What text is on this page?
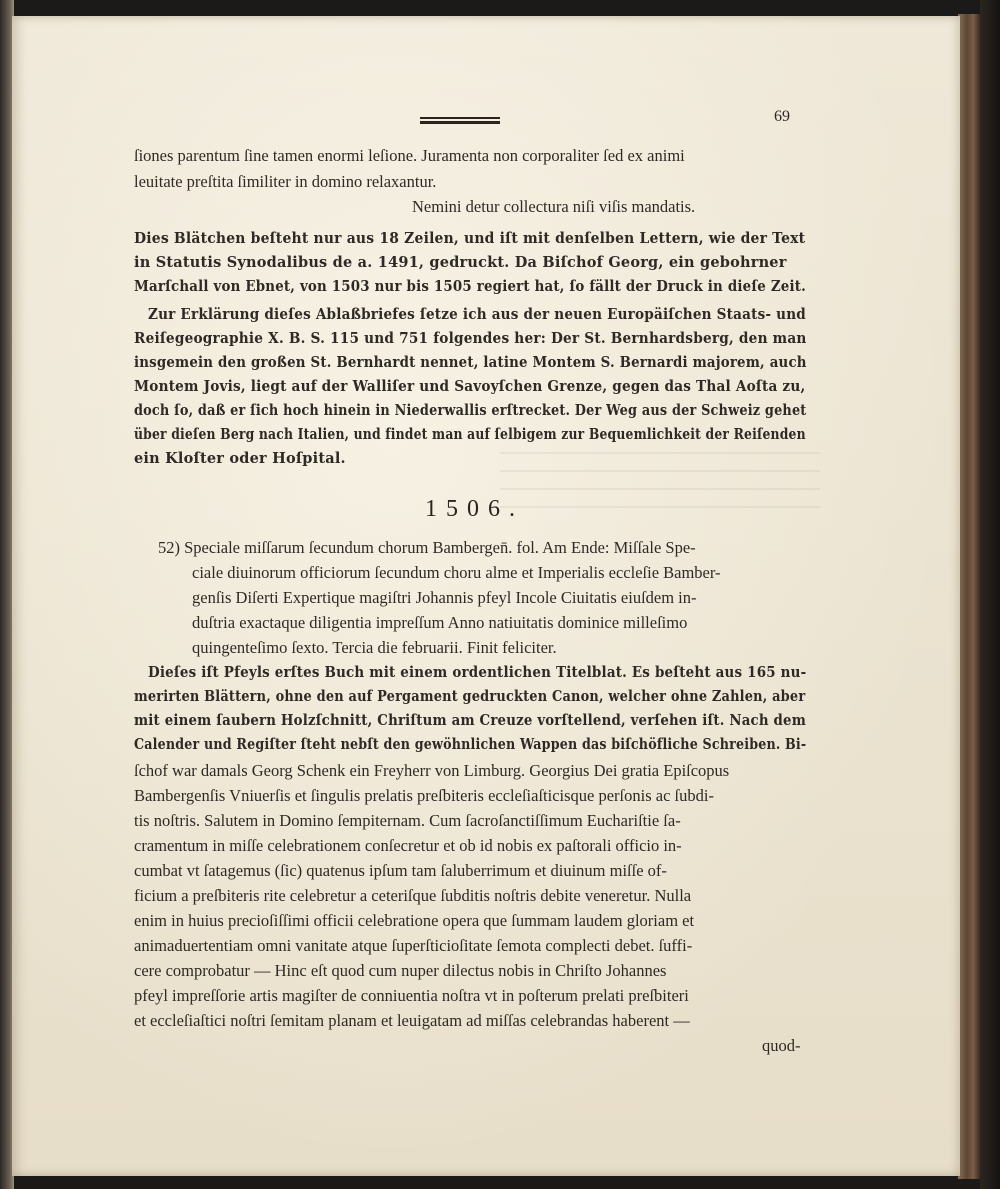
69
ſiones parentum ſine tamen enormi leſione. Juramenta non corporaliter ſed ex animi
leuitate preſtita ſimiliter in domino relaxantur.
Nemini detur collectura niſi viſis mandatis.
Dies Blätchen beſteht nur aus 18 Zeilen, und iſt mit denſelben Lettern, wie der Text
in Statutis Synodalibus de a. 1491, gedruckt. Da Biſchof Georg, ein gebohrner
Marſchall von Ebnet, von 1503 nur bis 1505 regiert hat, ſo fällt der Druck in dieſe Zeit.
Zur Erklärung dieſes Ablaßbriefes ſetze ich aus der neuen Europäiſchen Staats- und
Reiſegeographie X. B. S. 115 und 751 folgendes her: Der St. Bernhardsberg, den man
insgemein den großen St. Bernhardt nennet, latine Montem S. Bernardi majorem, auch
Montem Jovis, liegt auf der Walliſer und Savoyſchen Grenze, gegen das Thal Aoſta zu,
doch ſo, daß er ſich hoch hinein in Niederwallis erſtrecket. Der Weg aus der Schweiz gehet
über dieſen Berg nach Italien, und findet man auf ſelbigem zur Bequemlichkeit der Reiſenden
ein Kloſter oder Hoſpital.
1506.
52) Speciale miſſarum ſecundum chorum Bambergen̄. fol. Am Ende: Miſſale Spe-
ciale diuinorum officiorum ſecundum choru alme et Imperialis eccleſie Bamber-
genſis Diſerti Expertique magiſtri Johannis pfeyl Incole Ciuitatis eiuſdem in-
duſtria exactaque diligentia impreſſum Anno natiuitatis dominice milleſimo
quingenteſimo ſexto. Tercia die februarii. Finit feliciter.
Dieſes iſt Pfeyls erſtes Buch mit einem ordentlichen Titelblat. Es beſteht aus 165 nu-
merirten Blättern, ohne den auf Pergament gedruckten Canon, welcher ohne Zahlen, aber
mit einem ſaubern Holzſchnitt, Chriſtum am Creuze vorſtellend, verſehen iſt. Nach dem
Calender und Regiſter ſteht nebſt den gewöhnlichen Wappen das biſchöfliche Schreiben. Bi-
ſchof war damals Georg Schenk ein Freyherr von Limburg. Georgius Dei gratia Epiſcopus
Bambergenſis Vniuerſis et ſingulis prelatis preſbiteris eccleſiaſticisque perſonis ac ſubdi-
tis noſtris. Salutem in Domino ſempiternam. Cum ſacroſanctiſſimum Euchariſtie ſa-
cramentum in miſſe celebrationem conſecretur et ob id nobis ex paſtorali officio in-
cumbat vt ſatagemus (ſic) quatenus ipſum tam ſaluberrimum et diuinum miſſe of-
ficium a preſbiteris rite celebretur a ceteriſque ſubditis noſtris debite veneretur. Nulla
enim in huius precioſiſſimi officii celebratione opera que ſummam laudem gloriam et
animaduertentiam omni vanitate atque ſuperſticioſitate ſemota complecti debet. ſuffi-
cere comprobatur — Hinc eſt quod cum nuper dilectus nobis in Chriſto Johannes
pfeyl impreſſorie artis magiſter de conniuentia noſtra vt in poſterum prelati preſbiteri
et eccleſiaſtici noſtri ſemitam planam et leuigatam ad miſſas celebrandas haberent —
quod-
